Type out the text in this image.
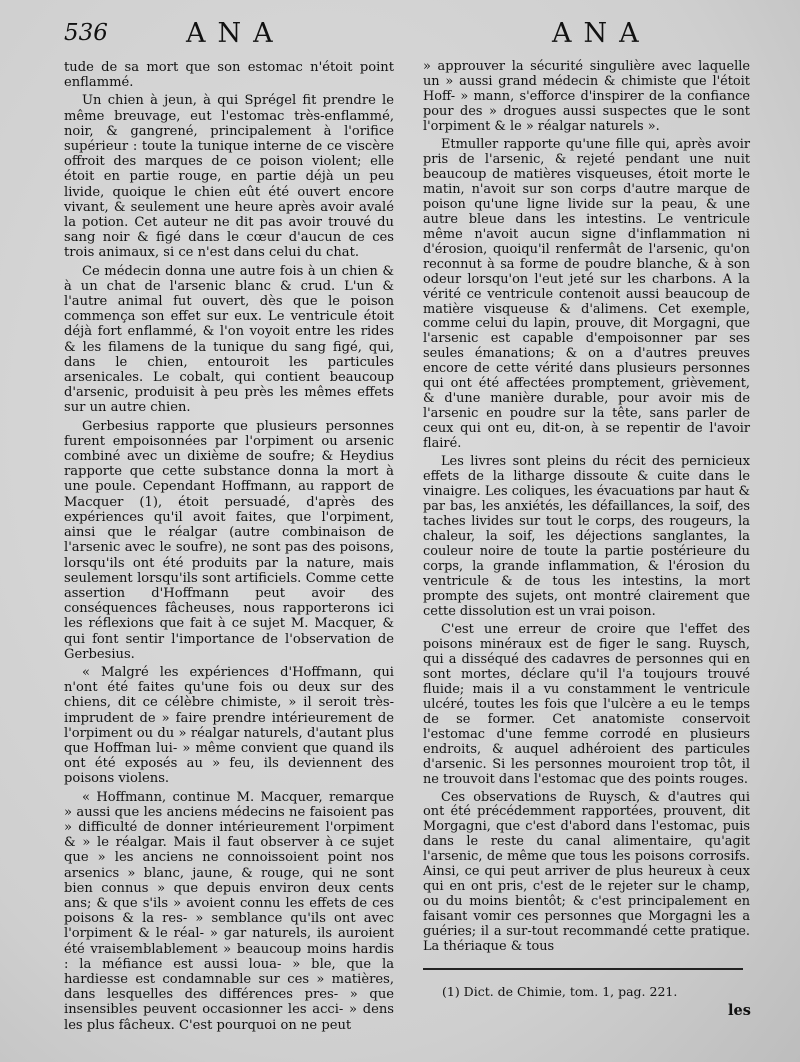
536	ANA	ANA

tude de sa mort que son estomac n'étoit point enflammé.

Un chien à jeun, à qui Sprégel fit prendre le même breuvage, eut l'estomac très-enflammé, noir, & gangrené, principalement à l'orifice supérieur : toute la tunique interne de ce viscère offroit des marques de ce poison violent; elle étoit en partie rouge, en partie déjà un peu livide, quoique le chien eût été ouvert encore vivant, & seulement une heure après avoir avalé la potion. Cet auteur ne dit pas avoir trouvé du sang noir & figé dans le cœur d'aucun de ces trois animaux, si ce n'est dans celui du chat.

Ce médecin donna une autre fois à un chien & à un chat de l'arsenic blanc & crud. L'un & l'autre animal fut ouvert, dès que le poison commença son effet sur eux. Le ventricule étoit déjà fort enflammé, & l'on voyoit entre les rides & les filamens de la tunique du sang figé, qui, dans le chien, entouroit les particules arsenicales. Le cobalt, qui contient beaucoup d'arsenic, produisit à peu près les mêmes effets sur un autre chien.

Gerbesius rapporte que plusieurs personnes furent empoisonnées par l'orpiment ou arsenic combiné avec un dixième de soufre; & Heydius rapporte que cette substance donna la mort à une poule. Cependant Hoffmann, au rapport de Macquer (1), étoit persuadé, d'après des expériences qu'il avoit faites, que l'orpiment, ainsi que le réalgar (autre combinaison de l'arsenic avec le soufre), ne sont pas des poisons, lorsqu'ils ont été produits par la nature, mais seulement lorsqu'ils sont artificiels. Comme cette assertion d'Hoffmann peut avoir des conséquences fâcheuses, nous rapporterons ici les réflexions que fait à ce sujet M. Macquer, & qui font sentir l'importance de l'observation de Gerbesius.

« Malgré les expériences d'Hoffmann, qui n'ont été faites qu'une fois ou deux sur des chiens, dit ce célèbre chimiste, » il seroit très-imprudent de » faire prendre intérieurement de l'orpiment ou du » réalgar naturels, d'autant plus que Hoffman lui- » même convient que quand ils ont été exposés au » feu, ils deviennent des poisons violens.

« Hoffmann, continue M. Macquer, remarque » aussi que les anciens médecins ne faisoient pas » difficulté de donner intérieurement l'orpiment & » le réalgar. Mais il faut observer à ce sujet que » les anciens ne connoissoient point nos arsenics » blanc, jaune, & rouge, qui ne sont bien connus » que depuis environ deux cents ans; & que s'ils » avoient connu les effets de ces poisons & la res- » semblance qu'ils ont avec l'orpiment & le réal- » gar naturels, ils auroient été vraisemblablement » beaucoup moins hardis : la méfiance est aussi loua- » ble, que la hardiesse est condamnable sur ces » matières, dans lesquelles des différences pres- » que insensibles peuvent occasionner les acci- » dens les plus fâcheux. C'est pourquoi on ne peut

» approuver la sécurité singulière avec laquelle un » aussi grand médecin & chimiste que l'étoit Hoff- » mann, s'efforce d'inspirer de la confiance pour des » drogues aussi suspectes que le sont l'orpiment & le » réalgar naturels ».

Etmuller rapporte qu'une fille qui, après avoir pris de l'arsenic, & rejeté pendant une nuit beaucoup de matières visqueuses, étoit morte le matin, n'avoit sur son corps d'autre marque de poison qu'une ligne livide sur la peau, & une autre bleue dans les intestins. Le ventricule même n'avoit aucun signe d'inflammation ni d'érosion, quoiqu'il renfermât de l'arsenic, qu'on reconnut à sa forme de poudre blanche, & à son odeur lorsqu'on l'eut jeté sur les charbons. A la vérité ce ventricule contenoit aussi beaucoup de matière visqueuse & d'alimens. Cet exemple, comme celui du lapin, prouve, dit Morgagni, que l'arsenic est capable d'empoisonner par ses seules émanations; & on a d'autres preuves encore de cette vérité dans plusieurs personnes qui ont été affectées promptement, grièvement, & d'une manière durable, pour avoir mis de l'arsenic en poudre sur la tête, sans parler de ceux qui ont eu, dit-on, à se repentir de l'avoir flairé.

Les livres sont pleins du récit des pernicieux effets de la litharge dissoute & cuite dans le vinaigre. Les coliques, les évacuations par haut & par bas, les anxiétés, les défaillances, la soif, des taches livides sur tout le corps, des rougeurs, la chaleur, la soif, les déjections sanglantes, la couleur noire de toute la partie postérieure du corps, la grande inflammation, & l'érosion du ventricule & de tous les intestins, la mort prompte des sujets, ont montré clairement que cette dissolution est un vrai poison.

C'est une erreur de croire que l'effet des poisons minéraux est de figer le sang. Ruysch, qui a disséqué des cadavres de personnes qui en sont mortes, déclare qu'il l'a toujours trouvé fluide; mais il a vu constamment le ventricule ulcéré, toutes les fois que l'ulcère a eu le temps de se former. Cet anatomiste conservoit l'estomac d'une femme corrodé en plusieurs endroits, & auquel adhéroient des particules d'arsenic. Si les personnes mouroient trop tôt, il ne trouvoit dans l'estomac que des points rouges.

Ces observations de Ruysch, & d'autres qui ont été précédemment rapportées, prouvent, dit Morgagni, que c'est d'abord dans l'estomac, puis dans le reste du canal alimentaire, qu'agit l'arsenic, de même que tous les poisons corrosifs. Ainsi, ce qui peut arriver de plus heureux à ceux qui en ont pris, c'est de le rejeter sur le champ, ou du moins bientôt; & c'est principalement en faisant vomir ces personnes que Morgagni les a guéries; il a sur-tout recommandé cette pratique. La thériaque & tous

(1) Dict. de Chimie, tom. 1, pag. 221.
les
